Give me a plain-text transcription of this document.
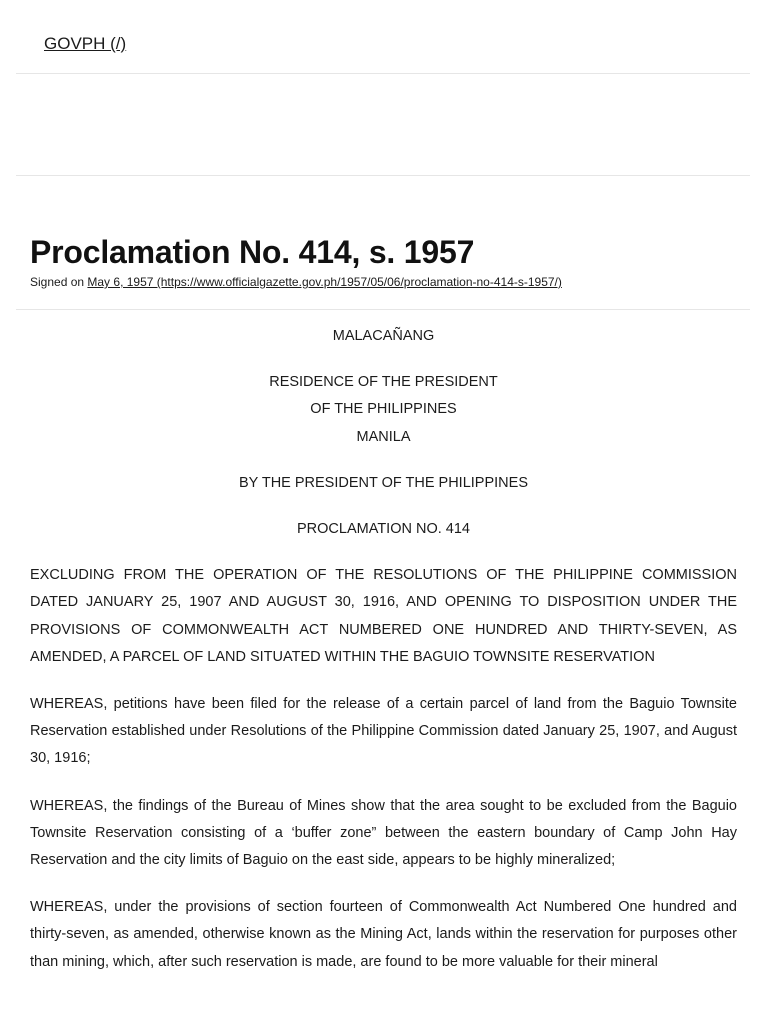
GOVPH (/)
Proclamation No. 414, s. 1957
Signed on May 6, 1957 (https://www.officialgazette.gov.ph/1957/05/06/proclamation-no-414-s-1957/)

MALACAÑANG

RESIDENCE OF THE PRESIDENT
OF THE PHILIPPINES
MANILA

BY THE PRESIDENT OF THE PHILIPPINES

PROCLAMATION NO. 414

EXCLUDING FROM THE OPERATION OF THE RESOLUTIONS OF THE PHILIPPINE COMMISSION DATED JANUARY 25, 1907 AND AUGUST 30, 1916, AND OPENING TO DISPOSITION UNDER THE PROVISIONS OF COMMONWEALTH ACT NUMBERED ONE HUNDRED AND THIRTY-SEVEN, AS AMENDED, A PARCEL OF LAND SITUATED WITHIN THE BAGUIO TOWNSITE RESERVATION

WHEREAS, petitions have been filed for the release of a certain parcel of land from the Baguio Townsite Reservation established under Resolutions of the Philippine Commission dated January 25, 1907, and August 30, 1916;

WHEREAS, the findings of the Bureau of Mines show that the area sought to be excluded from the Baguio Townsite Reservation consisting of a ‘buffer zone” between the eastern boundary of Camp John Hay Reservation and the city limits of Baguio on the east side, appears to be highly mineralized;

WHEREAS, under the provisions of section fourteen of Commonwealth Act Numbered One hundred and thirty-seven, as amended, otherwise known as the Mining Act, lands within the reservation for purposes other than mining, which, after such reservation is made, are found to be more valuable for their mineral
